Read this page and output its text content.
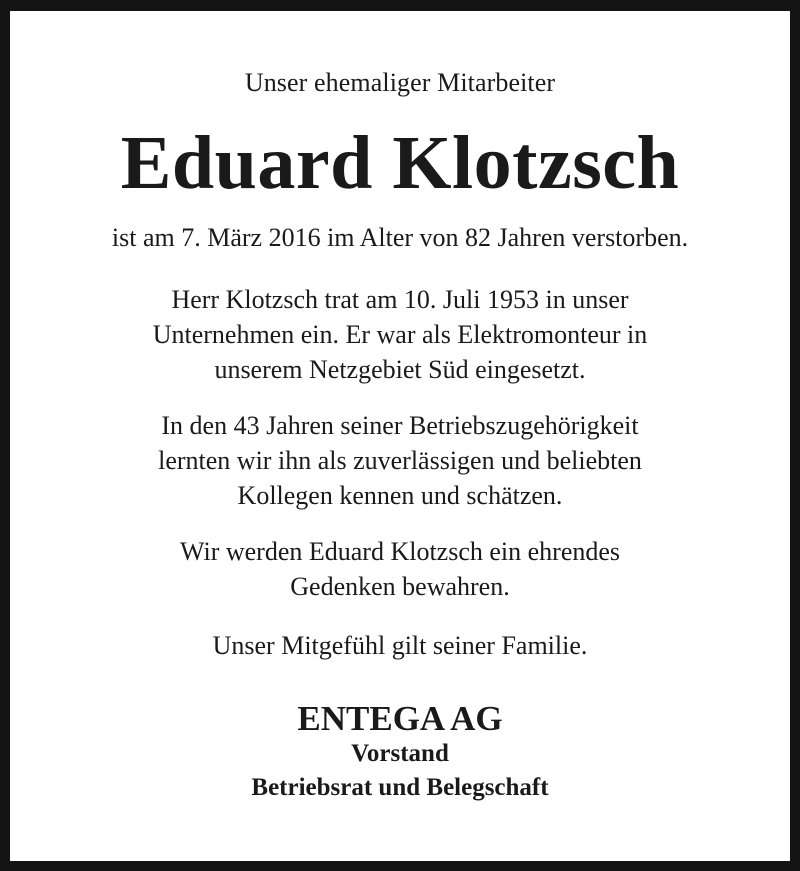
Unser ehemaliger Mitarbeiter
Eduard Klotzsch
ist am 7. März 2016 im Alter von 82 Jahren verstorben.
Herr Klotzsch trat am 10. Juli 1953 in unser
Unternehmen ein. Er war als Elektromonteur in
unserem Netzgebiet Süd eingesetzt.
In den 43 Jahren seiner Betriebszugehörigkeit
lernten wir ihn als zuverlässigen und beliebten
Kollegen kennen und schätzen.
Wir werden Eduard Klotzsch ein ehrendes
Gedenken bewahren.
Unser Mitgefühl gilt seiner Familie.
ENTEGA AG
Vorstand
Betriebsrat und Belegschaft
